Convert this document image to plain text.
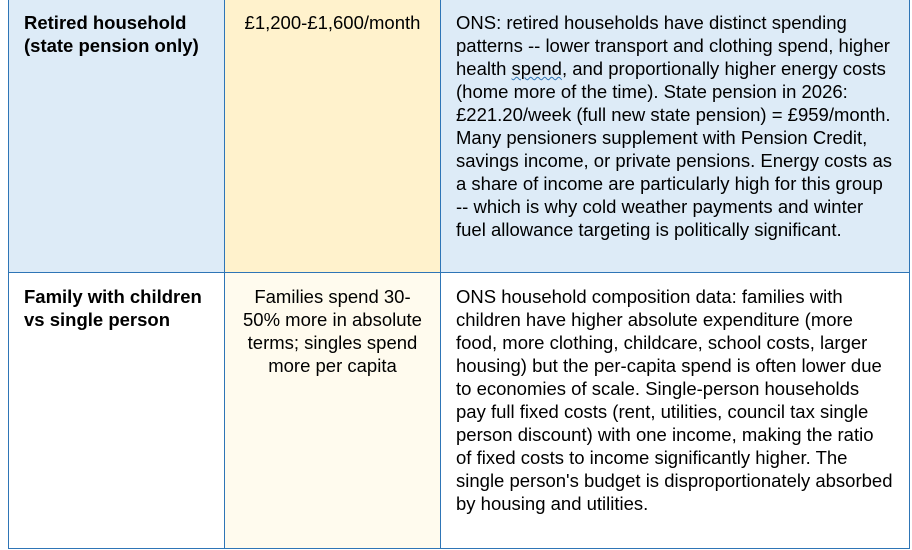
Retired household (state pension only)	£1,200-£1,600/month	ONS: retired households have distinct spending patterns -- lower transport and clothing spend, higher health spend, and proportionally higher energy costs (home more of the time). State pension in 2026: £221.20/week (full new state pension) = £959/month. Many pensioners supplement with Pension Credit, savings income, or private pensions. Energy costs as a share of income are particularly high for this group -- which is why cold weather payments and winter fuel allowance targeting is politically significant.
Family with children vs single person	Families spend 30-50% more in absolute terms; singles spend more per capita	ONS household composition data: families with children have higher absolute expenditure (more food, more clothing, childcare, school costs, larger housing) but the per-capita spend is often lower due to economies of scale. Single-person households pay full fixed costs (rent, utilities, council tax single person discount) with one income, making the ratio of fixed costs to income significantly higher. The single person's budget is disproportionately absorbed by housing and utilities.
